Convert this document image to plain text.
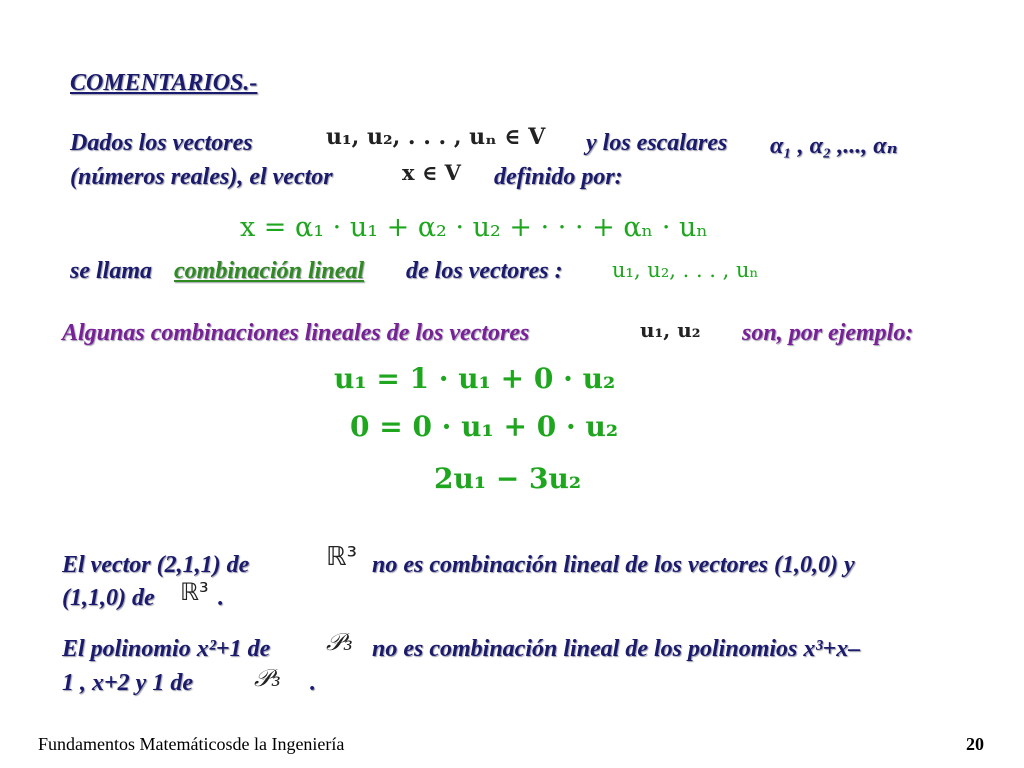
COMENTARIOS.-
Dados los vectores	u₁, u₂, . . . , uₙ ∈ V y los escalares α₁ , α₂ ,..., αₙ
(números reales), el vector	x ∈ V definido por:
x = α₁ · u₁ + α₂ · u₂ + · · · + αₙ · uₙ
se llama combinación lineal de los vectores : u₁, u₂, . . . , uₙ
Algunas combinaciones lineales de los vectores	u₁, u₂ son, por ejemplo:
u₁ = 1 · u₁ + 0 · u₂
0 = 0 · u₁ + 0 · u₂
2u₁ − 3u₂
El vector (2,1,1) de	ℝ³ no es combinación lineal de los vectores (1,0,0) y
(1,1,0) de ℝ³ .
El polinomio x²+1 de 𝒫₃ no es combinación lineal de los polinomios x³+x–
1 , x+2 y 1 de	𝒫₃ .
Fundamentos Matemáticosde la Ingeniería	20
